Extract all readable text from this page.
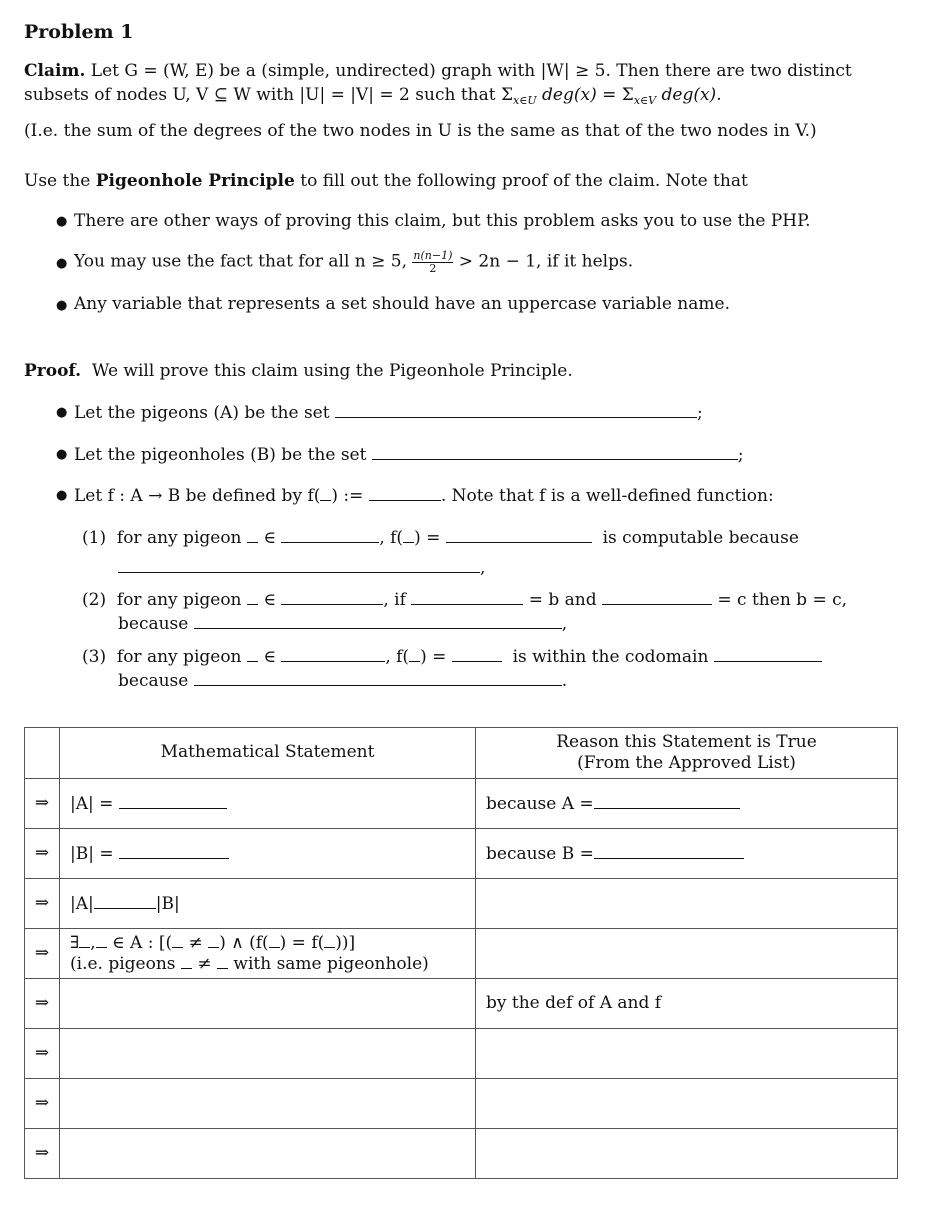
Problem 1
Claim. Let G = (W, E) be a (simple, undirected) graph with |W| ≥ 5. Then there are two distinct
subsets of nodes U, V ⊆ W with |U| = |V| = 2 such that $\Sigma_{x\in U}$ $deg(x) = \Sigma_{x\in V}$ deg(x).
(I.e. the sum of the degrees of the two nodes in U is the same as that of the two nodes in V.)
Use the Pigeonhole Principle to fill out the following proof of the claim. Note that
● There are other ways of proving this claim, but this problem asks you to use the PHP.
● You may use the fact that for all n ≥ 5, $\frac{n(n-1)}{2} > 2n - 1$, if it helps.
● Any variable that represents a set should have an uppercase variable name.
Proof. We will prove this claim using the Pigeonhole Principle.
● Let the pigeons (A) be the set	;
● Let the pigeonholes (B) be the set	;
● Let f : A → B be defined by f( ) :=	. Note that f is a well-defined function:
(1) for any pigeon ∈	, f( ) =	is computable because
,
(2) for any pigeon ∈	, if	= b and	= c then b = c,
because	,
(3) for any pigeon ∈	, f( ) =	is within the codomain
because	.
	Mathematical Statement	Reason this Statement is True
(From the Approved List)

⇒	|A| =	because A =
⇒	|B| =	because B =
⇒	|A| |B|	
⇒	∃ , ∈ A : [( ≠ ) ∧ (f( ) = f( ))]
(i.e. pigeons ≠ with same pigeonhole)	

⇒		by the def of A and f
⇒		
⇒		
⇒		
